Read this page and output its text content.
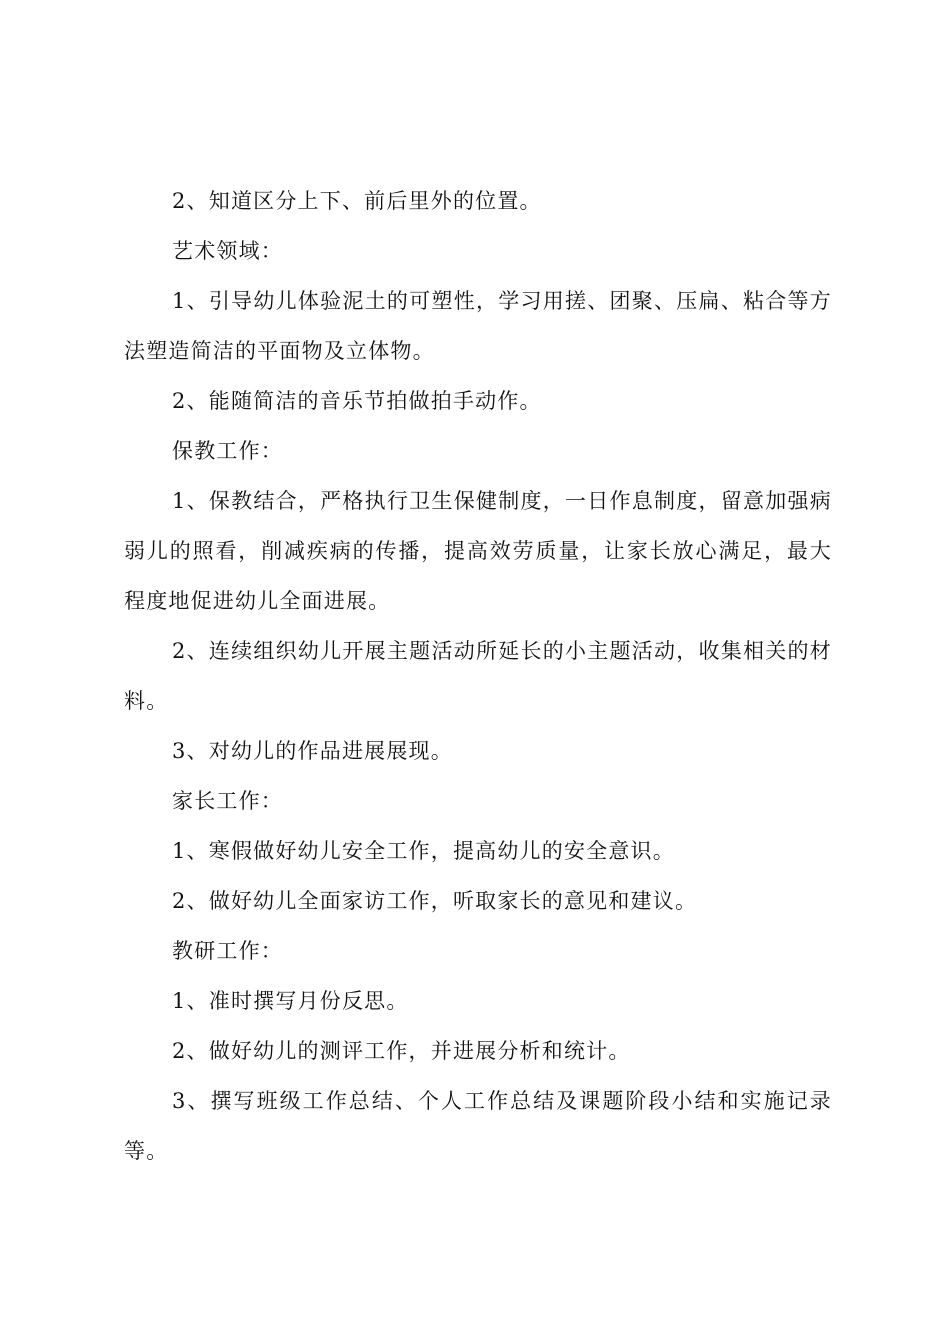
2、知道区分上下、前后里外的位置。

艺术领域：

1、引导幼儿体验泥土的可塑性，学习用搓、团聚、压扁、粘合等方法塑造简洁的平面物及立体物。

2、能随简洁的音乐节拍做拍手动作。

保教工作：

1、保教结合，严格执行卫生保健制度，一日作息制度，留意加强病弱儿的照看，削减疾病的传播，提高效劳质量，让家长放心满足，最大程度地促进幼儿全面进展。

2、连续组织幼儿开展主题活动所延长的小主题活动，收集相关的材料。

3、对幼儿的作品进展展现。

家长工作：

1、寒假做好幼儿安全工作，提高幼儿的安全意识。

2、做好幼儿全面家访工作，听取家长的意见和建议。

教研工作：

1、准时撰写月份反思。

2、做好幼儿的测评工作，并进展分析和统计。

3、撰写班级工作总结、个人工作总结及课题阶段小结和实施记录等。
